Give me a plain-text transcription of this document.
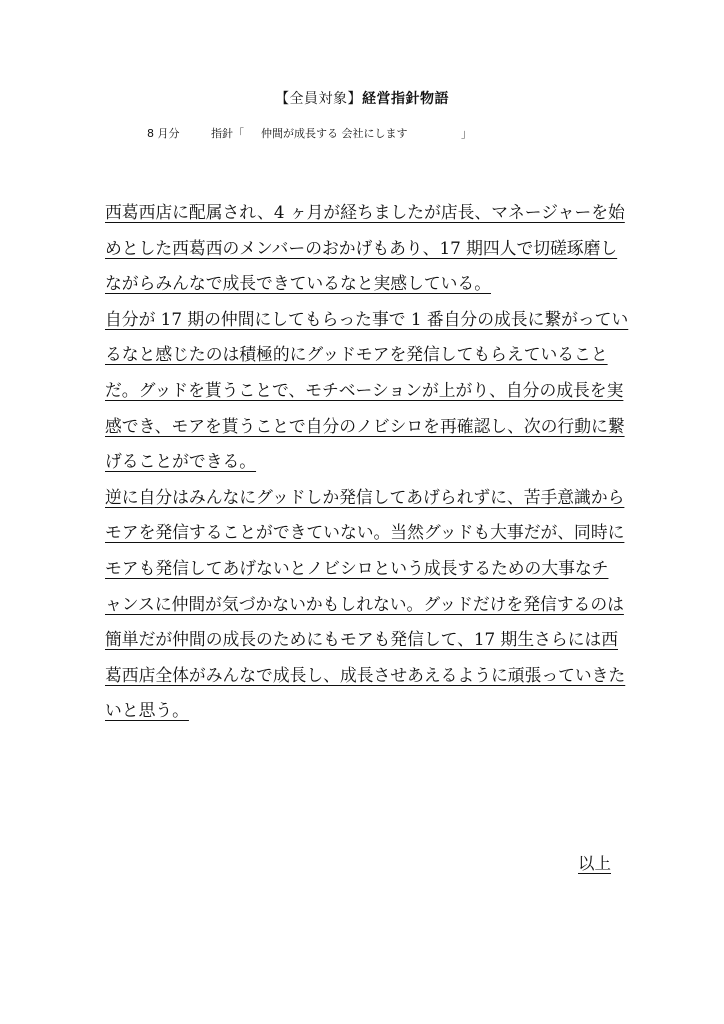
【全員対象】経営指針物語
8 月分	指針「 仲間が成長する 会社にします	」
西葛西店に配属され、4 ヶ月が経ちましたが店長、マネージャーを始
めとした西葛西のメンバーのおかげもあり、17 期四人で切磋琢磨し
ながらみんなで成長できているなと実感している。
自分が 17 期の仲間にしてもらった事で 1 番自分の成長に繋がってい
るなと感じたのは積極的にグッドモアを発信してもらえていること
だ。グッドを貰うことで、モチベーションが上がり、自分の成長を実
感でき、モアを貰うことで自分のノビシロを再確認し、次の行動に繋
げることができる。
逆に自分はみんなにグッドしか発信してあげられずに、苦手意識から
モアを発信することができていない。当然グッドも大事だが、同時に
モアも発信してあげないとノビシロという成長するための大事なチ
ャンスに仲間が気づかないかもしれない。グッドだけを発信するのは
簡単だが仲間の成長のためにもモアも発信して、17 期生さらには西
葛西店全体がみんなで成長し、成長させあえるように頑張っていきた
いと思う。
以上
